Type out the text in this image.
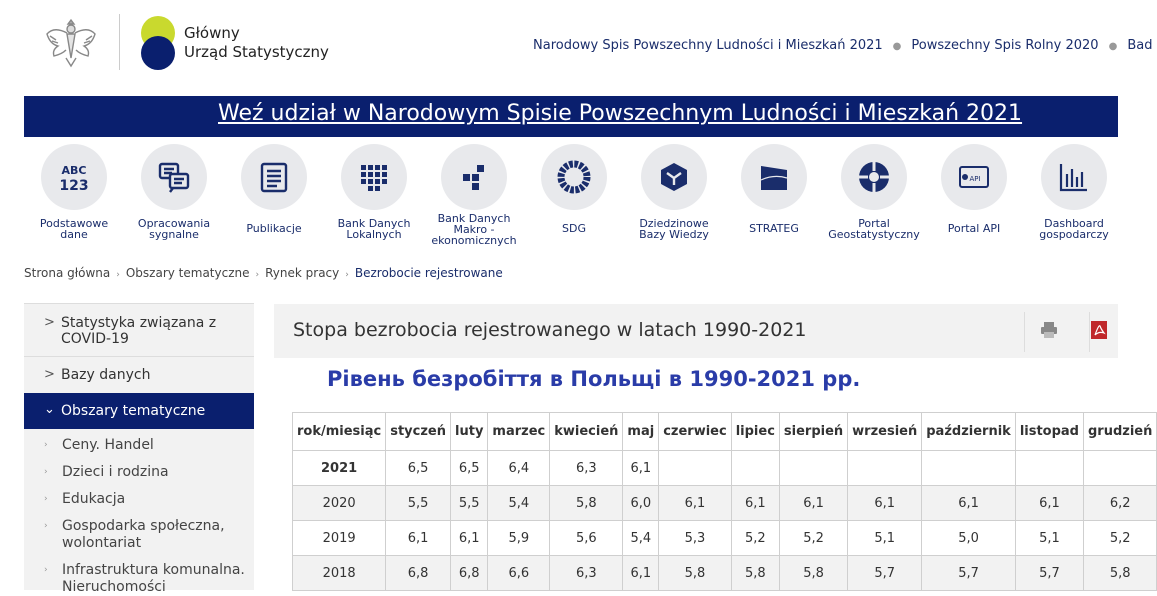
Główny
Urząd Statystyczny	Narodowy Spis Powszechny Ludności i Mieszkań 2021 ● Powszechny Spis Rolny 2020 ● Bad
Weź udział w Narodowym Spisie Powszechnym Ludności i Mieszkań 2021
ABC
123
Podstawowe
dane
Opracowania
sygnalne	Publikacje	Bank Danych
Lokalnych
Bank Danych
Makro -
ekonomicznych
SDG	Dziedzinowe
Bazy Wiedzy	STRATEG	Portal
Geostatystyczny
API
Portal API	Dashboard
gospodarczy
Strona główna › Obszary tematyczne › Rynek pracy › Bezrobocie rejestrowane
> Statystyka związana z
COVID-19
> Bazy danych
⌄ Obszary tematyczne
› Ceny. Handel
› Dzieci i rodzina
› Edukacja
› Gospodarka społeczna,
wolontariat
› Infrastruktura komunalna.
Nieruchomości
Stopa bezrobocia rejestrowanego w latach 1990-2021
Рівень безробіття в Польщі в 1990-2021 рр.
rok/miesiąc	styczeń	luty	marzec	kwiecień	maj	czerwiec	lipiec	sierpień	wrzesień	październik	listopad	grudzień
2021	6,5	6,5	6,4	6,3	6,1							
2020	5,5	5,5	5,4	5,8	6,0	6,1	6,1	6,1	6,1	6,1	6,1	6,2
2019	6,1	6,1	5,9	5,6	5,4	5,3	5,2	5,2	5,1	5,0	5,1	5,2
2018	6,8	6,8	6,6	6,3	6,1	5,8	5,8	5,8	5,7	5,7	5,7	5,8
